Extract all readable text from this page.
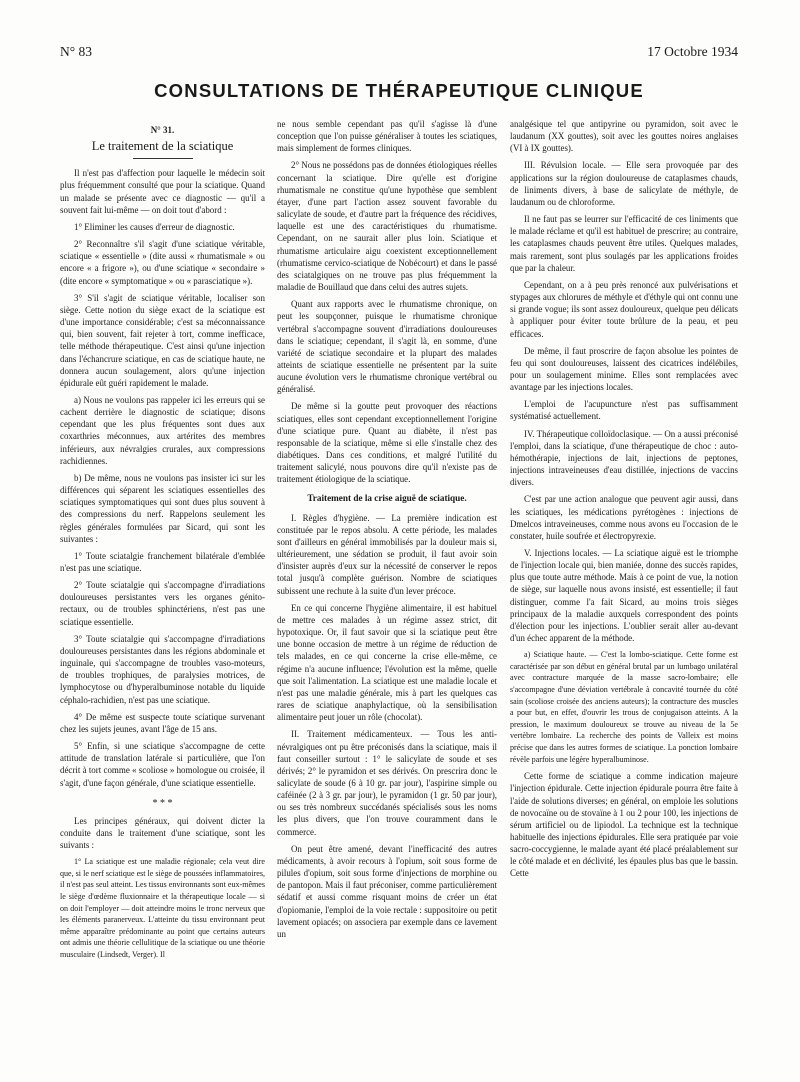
N° 83	17 Octobre 1934
CONSULTATIONS DE THÉRAPEUTIQUE CLINIQUE
N° 31.
Le traitement de la sciatique

Il n'est pas d'affection pour laquelle le médecin soit plus fréquemment consulté que pour la sciatique. Quand un malade se présente avec ce diagnostic — qu'il a souvent fait lui-même — on doit tout d'abord :

1° Eliminer les causes d'erreur de diagnostic.

2° Reconnaître s'il s'agit d'une sciatique véritable, sciatique « essentielle » (dite aussi « rhumatismale » ou encore « a frigore »), ou d'une sciatique « secondaire » (dite encore « symptomatique » ou « parasciatique »).

3° S'il s'agit de sciatique véritable, localiser son siège. Cette notion du siège exact de la sciatique est d'une importance considérable; c'est sa méconnaissance qui, bien souvent, fait rejeter à tort, comme inefficace, telle méthode thérapeutique. C'est ainsi qu'une injection dans l'échancrure sciatique, en cas de sciatique haute, ne donnera aucun soulagement, alors qu'une injection épidurale eût guéri rapidement le malade.

a) Nous ne voulons pas rappeler ici les erreurs qui se cachent derrière le diagnostic de sciatique; disons cependant que les plus fréquentes sont dues aux coxarthries méconnues, aux artérites des membres inférieurs, aux névralgies crurales, aux compressions rachidiennes.

b) De même, nous ne voulons pas insister ici sur les différences qui séparent les sciatiques essentielles des sciatiques symptomatiques qui sont dues plus souvent à des compressions du nerf. Rappelons seulement les règles générales formulées par Sicard, qui sont les suivantes :

1° Toute sciatalgie franchement bilatérale d'emblée n'est pas une sciatique.

2° Toute sciatalgie qui s'accompagne d'irradiations douloureuses persistantes vers les organes génito-rectaux, ou de troubles sphinctériens, n'est pas une sciatique essentielle.

3° Toute sciatalgie qui s'accompagne d'irradiations douloureuses persistantes dans les régions abdominale et inguinale, qui s'accompagne de troubles vaso-moteurs, de troubles trophiques, de paralysies motrices, de lymphocytose ou d'hyperalbuminose notable du liquide céphalo-rachidien, n'est pas une sciatique.

4° De même est suspecte toute sciatique survenant chez les sujets jeunes, avant l'âge de 15 ans.

5° Enfin, si une sciatique s'accompagne de cette attitude de translation latérale si particulière, que l'on décrit à tort comme « scoliose » homologue ou croisée, il s'agit, d'une façon générale, d'une sciatique essentielle.

* * *

Les principes généraux, qui doivent dicter la conduite dans le traitement d'une sciatique, sont les suivants :

1° La sciatique est une maladie régionale; cela veut dire que, si le nerf sciatique est le siège de poussées inflammatoires, il n'est pas seul atteint. Les tissus environnants sont eux-mêmes le siège d'œdème fluxionnaire et la thérapeutique locale — si on doit l'employer — doit atteindre moins le tronc nerveux que les éléments paranerveux. L'atteinte du tissu environnant peut même apparaître prédominante au point que certains auteurs ont admis une théorie cellulitique de la sciatique ou une théorie musculaire (Lindsedt, Verger). Il

ne nous semble cependant pas qu'il s'agisse là d'une conception que l'on puisse généraliser à toutes les sciatiques, mais simplement de formes cliniques.

2° Nous ne possédons pas de données étiologiques réelles concernant la sciatique. Dire qu'elle est d'origine rhumatismale ne constitue qu'une hypothèse que semblent étayer, d'une part l'action assez souvent favorable du salicylate de soude, et d'autre part la fréquence des récidives, laquelle est une des caractéristiques du rhumatisme. Cependant, on ne saurait aller plus loin. Sciatique et rhumatisme articulaire aigu coexistent exceptionnellement (rhumatisme cervico-sciatique de Nobécourt) et dans le passé des sciatalgiques on ne trouve pas plus fréquemment la maladie de Bouillaud que dans celui des autres sujets.

Quant aux rapports avec le rhumatisme chronique, on peut les soupçonner, puisque le rhumatisme chronique vertébral s'accompagne souvent d'irradiations douloureuses dans le sciatique; cependant, il s'agit là, en somme, d'une variété de sciatique secondaire et la plupart des malades atteints de sciatique essentielle ne présentent par la suite aucune évolution vers le rhumatisme chronique vertébral ou généralisé.

De même si la goutte peut provoquer des réactions sciatiques, elles sont cependant exceptionnellement l'origine d'une sciatique pure. Quant au diabète, il n'est pas responsable de la sciatique, même si elle s'installe chez des diabétiques. Dans ces conditions, et malgré l'utilité du traitement salicylé, nous pouvons dire qu'il n'existe pas de traitement étiologique de la sciatique.

Traitement de la crise aiguë de sciatique.

I. Règles d'hygiène. — La première indication est constituée par le repos absolu. A cette période, les malades sont d'ailleurs en général immobilisés par la douleur mais si, ultérieurement, une sédation se produit, il faut avoir soin d'insister auprès d'eux sur la nécessité de conserver le repos total jusqu'à complète guérison. Nombre de sciatiques subissent une rechute à la suite d'un lever précoce.

En ce qui concerne l'hygiène alimentaire, il est habituel de mettre ces malades à un régime assez strict, dit hypotoxique. Or, il faut savoir que si la sciatique peut être une bonne occasion de mettre à un régime de réduction de tels malades, en ce qui concerne la crise elle-même, ce régime n'a aucune influence; l'évolution est la même, quelle que soit l'alimentation. La sciatique est une maladie locale et n'est pas une maladie générale, mis à part les quelques cas rares de sciatique anaphylactique, où la sensibilisation alimentaire peut jouer un rôle (chocolat).

II. Traitement médicamenteux. — Tous les anti-névralgiques ont pu être préconisés dans la sciatique, mais il faut conseiller surtout : 1° le salicylate de soude et ses dérivés; 2° le pyramidon et ses dérivés. On prescrira donc le salicylate de soude (6 à 10 gr. par jour), l'aspirine simple ou caféinée (2 à 3 gr. par jour), le pyramidon (1 gr. 50 par jour), ou ses très nombreux succédanés spécialisés sous les noms les plus divers, que l'on trouve couramment dans le commerce.

On peut être amené, devant l'inefficacité des autres médicaments, à avoir recours à l'opium, soit sous forme de pilules d'opium, soit sous forme d'injections de morphine ou de pantopon. Mais il faut préconiser, comme particulièrement sédatif et aussi comme risquant moins de créer un état d'opiomanie, l'emploi de la voie rectale : suppositoire ou petit lavement opiacés; on associera par exemple dans ce lavement un

analgésique tel que antipyrine ou pyramidon, soit avec le laudanum (XX gouttes), soit avec les gouttes noires anglaises (VI à IX gouttes).

III. Révulsion locale. — Elle sera provoquée par des applications sur la région douloureuse de cataplasmes chauds, de liniments divers, à base de salicylate de méthyle, de laudanum ou de chloroforme.

Il ne faut pas se leurrer sur l'efficacité de ces liniments que le malade réclame et qu'il est habituel de prescrire; au contraire, les cataplasmes chauds peuvent être utiles. Quelques malades, mais rarement, sont plus soulagés par les applications froides que par la chaleur.

Cependant, on a à peu près renoncé aux pulvérisations et stypages aux chlorures de méthyle et d'éthyle qui ont connu une si grande vogue; ils sont assez douloureux, quelque peu délicats à appliquer pour éviter toute brûlure de la peau, et peu efficaces.

De même, il faut proscrire de façon absolue les pointes de feu qui sont douloureuses, laissent des cicatrices indélébiles, pour un soulagement minime. Elles sont remplacées avec avantage par les injections locales.

L'emploi de l'acupuncture n'est pas suffisamment systématisé actuellement.

IV. Thérapeutique colloïdoclasique. — On a aussi préconisé l'emploi, dans la sciatique, d'une thérapeutique de choc : auto-hémothérapie, injections de lait, injections de peptones, injections intraveineuses d'eau distillée, injections de vaccins divers.

C'est par une action analogue que peuvent agir aussi, dans les sciatiques, les médications pyrétogènes : injections de Dmelcos intraveineuses, comme nous avons eu l'occasion de le constater, huile soufrée et électropyrexie.

V. Injections locales. — La sciatique aiguë est le triomphe de l'injection locale qui, bien maniée, donne des succès rapides, plus que toute autre méthode. Mais à ce point de vue, la notion de siège, sur laquelle nous avons insisté, est essentielle; il faut distinguer, comme l'a fait Sicard, au moins trois sièges principaux de la maladie auxquels correspondent des points d'élection pour les injections. L'oublier serait aller au-devant d'un échec apparent de la méthode.

a) Sciatique haute. — C'est la lombo-sciatique. Cette forme est caractérisée par son début en général brutal par un lumbago unilatéral avec contracture marquée de la masse sacro-lombaire; elle s'accompagne d'une déviation vertébrale à concavité tournée du côté sain (scoliose croisée des anciens auteurs); la contracture des muscles a pour but, en effet, d'ouvrir les trous de conjugaison atteints. A la pression, le maximum douloureux se trouve au niveau de la 5e vertèbre lombaire. La recherche des points de Valleix est moins précise que dans les autres formes de sciatique. La ponction lombaire révèle parfois une légère hyperalbuminose.

Cette forme de sciatique a comme indication majeure l'injection épidurale. Cette injection épidurale pourra être faite à l'aide de solutions diverses; en général, on emploie les solutions de novocaïne ou de stovaïne à 1 ou 2 pour 100, les injections de sérum artificiel ou de lipiodol. La technique est la technique habituelle des injections épidurales. Elle sera pratiquée par voie sacro-coccygienne, le malade ayant été placé préalablement sur le côté malade et en déclivité, les épaules plus bas que le bassin. Cette
